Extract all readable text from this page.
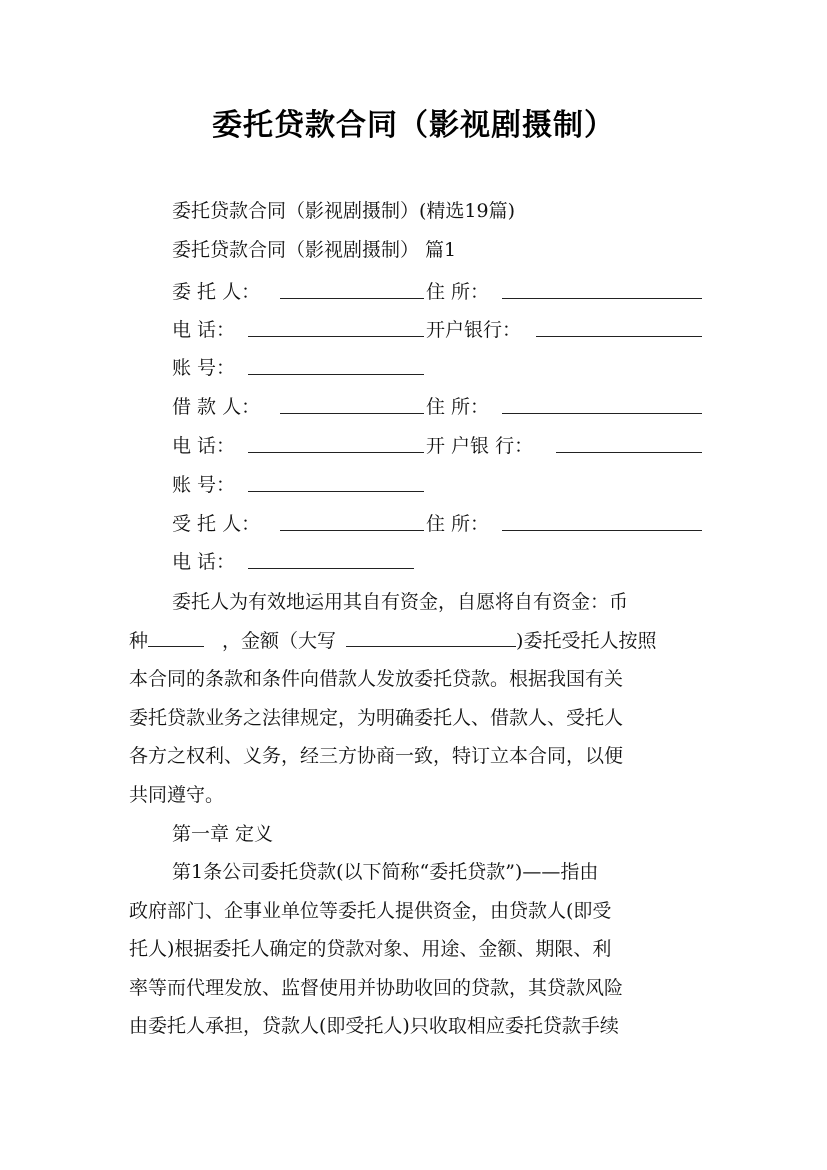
委托贷款合同（影视剧摄制）
委托贷款合同（影视剧摄制）(精选19篇)
委托贷款合同（影视剧摄制） 篇1
委 托 人：	住 所：
电 话：	开户银行：
账 号：
借 款 人：	住 所：
电 话：	开 户银 行：
账 号：
受 托 人：	住 所：
电 话：
委托人为有效地运用其自有资金，自愿将自有资金：币
种	，金额（大写	)委托受托人按照
本合同的条款和条件向借款人发放委托贷款。根据我国有关
委托贷款业务之法律规定，为明确委托人、借款人、受托人
各方之权利、义务，经三方协商一致，特订立本合同，以便
共同遵守。
第一章 定义
第1条公司委托贷款(以下简称“委托贷款”)——指由
政府部门、企事业单位等委托人提供资金，由贷款人(即受
托人)根据委托人确定的贷款对象、用途、金额、期限、利
率等而代理发放、监督使用并协助收回的贷款，其贷款风险
由委托人承担，贷款人(即受托人)只收取相应委托贷款手续
